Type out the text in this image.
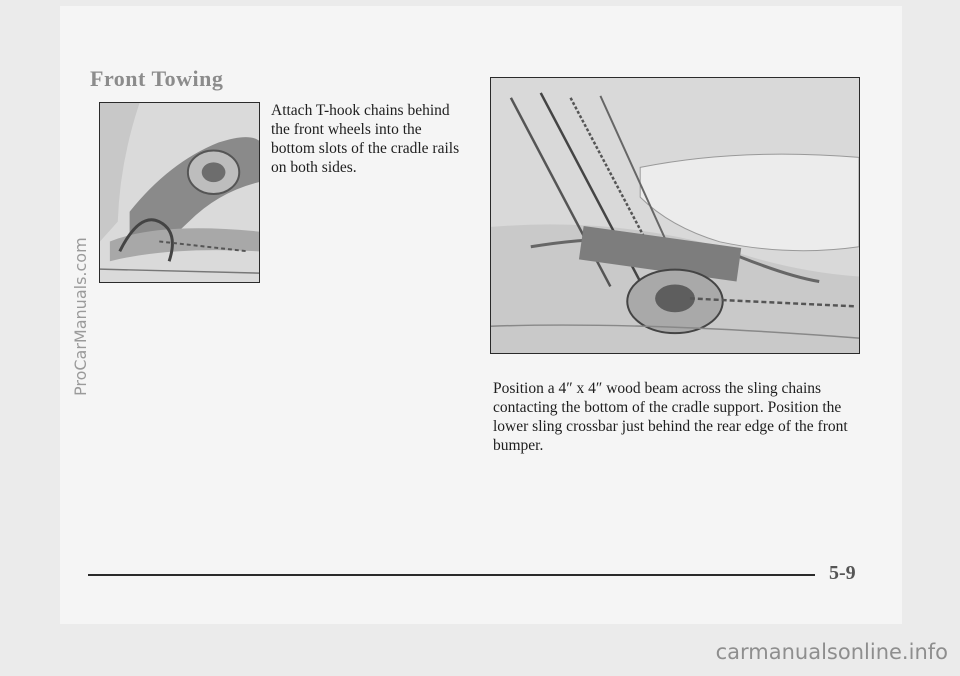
Front Towing

Attach T-hook chains behind the front wheels into the bottom slots of the cradle rails on both sides.

Position a 4″ x 4″ wood beam across the sling chains contacting the bottom of the cradle support. Position the lower sling crossbar just behind the rear edge of the front bumper.

5-9

ProCarManuals.com
carmanualsonline.info
